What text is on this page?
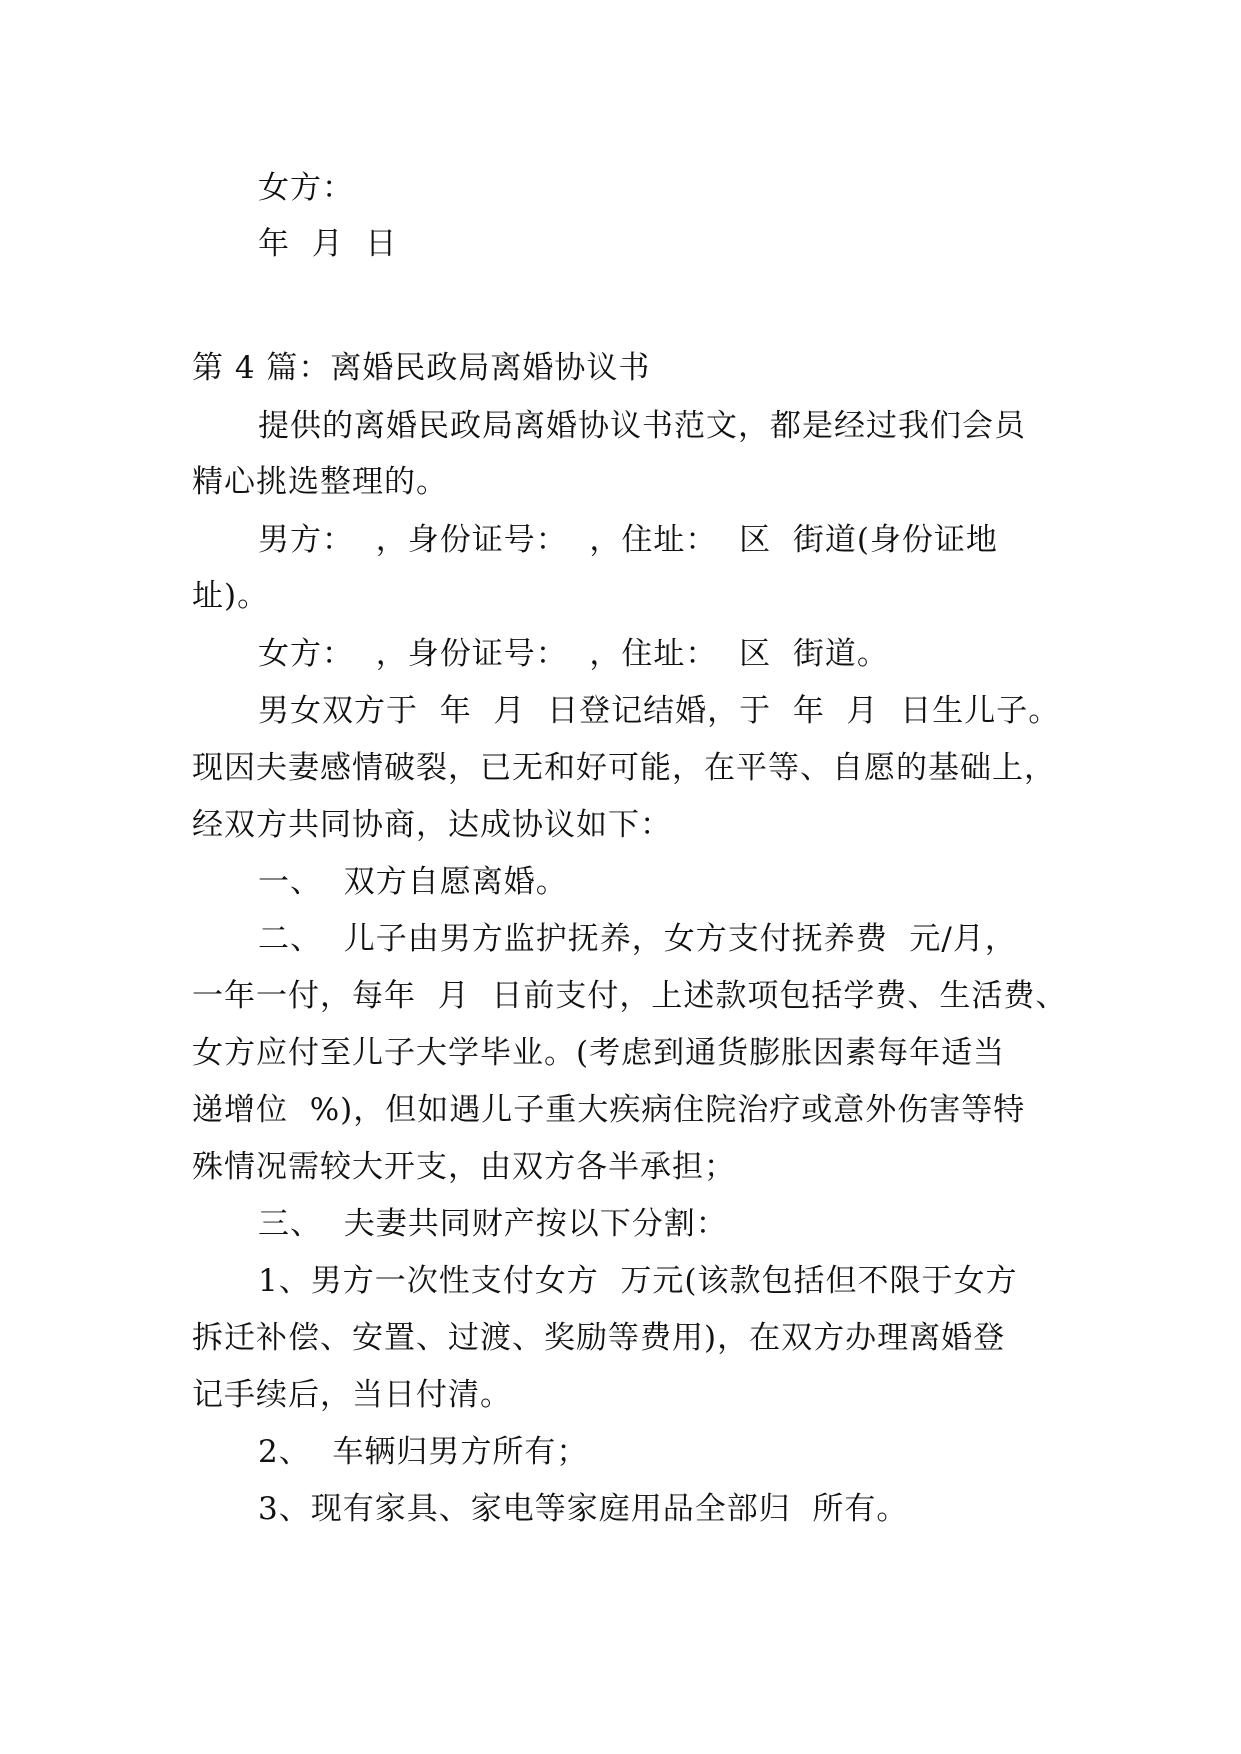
女方：
年  月  日
第 4 篇：离婚民政局离婚协议书
提供的离婚民政局离婚协议书范文，都是经过我们会员
精心挑选整理的。
男方：  ，身份证号：  ，住址：  区  街道(身份证地
址)。
女方：  ，身份证号：  ，住址：  区  街道。
男女双方于  年  月  日登记结婚，于  年  月  日生儿子。
现因夫妻感情破裂，已无和好可能，在平等、自愿的基础上，
经双方共同协商，达成协议如下：
一、  双方自愿离婚。
二、  儿子由男方监护抚养，女方支付抚养费  元/月，
一年一付，每年  月  日前支付，上述款项包括学费、生活费、
女方应付至儿子大学毕业。(考虑到通货膨胀因素每年适当
递增位  %)，但如遇儿子重大疾病住院治疗或意外伤害等特
殊情况需较大开支，由双方各半承担；
三、  夫妻共同财产按以下分割：
1、男方一次性支付女方  万元(该款包括但不限于女方
拆迁补偿、安置、过渡、奖励等费用)，在双方办理离婚登
记手续后，当日付清。
2、  车辆归男方所有；
3、现有家具、家电等家庭用品全部归  所有。
